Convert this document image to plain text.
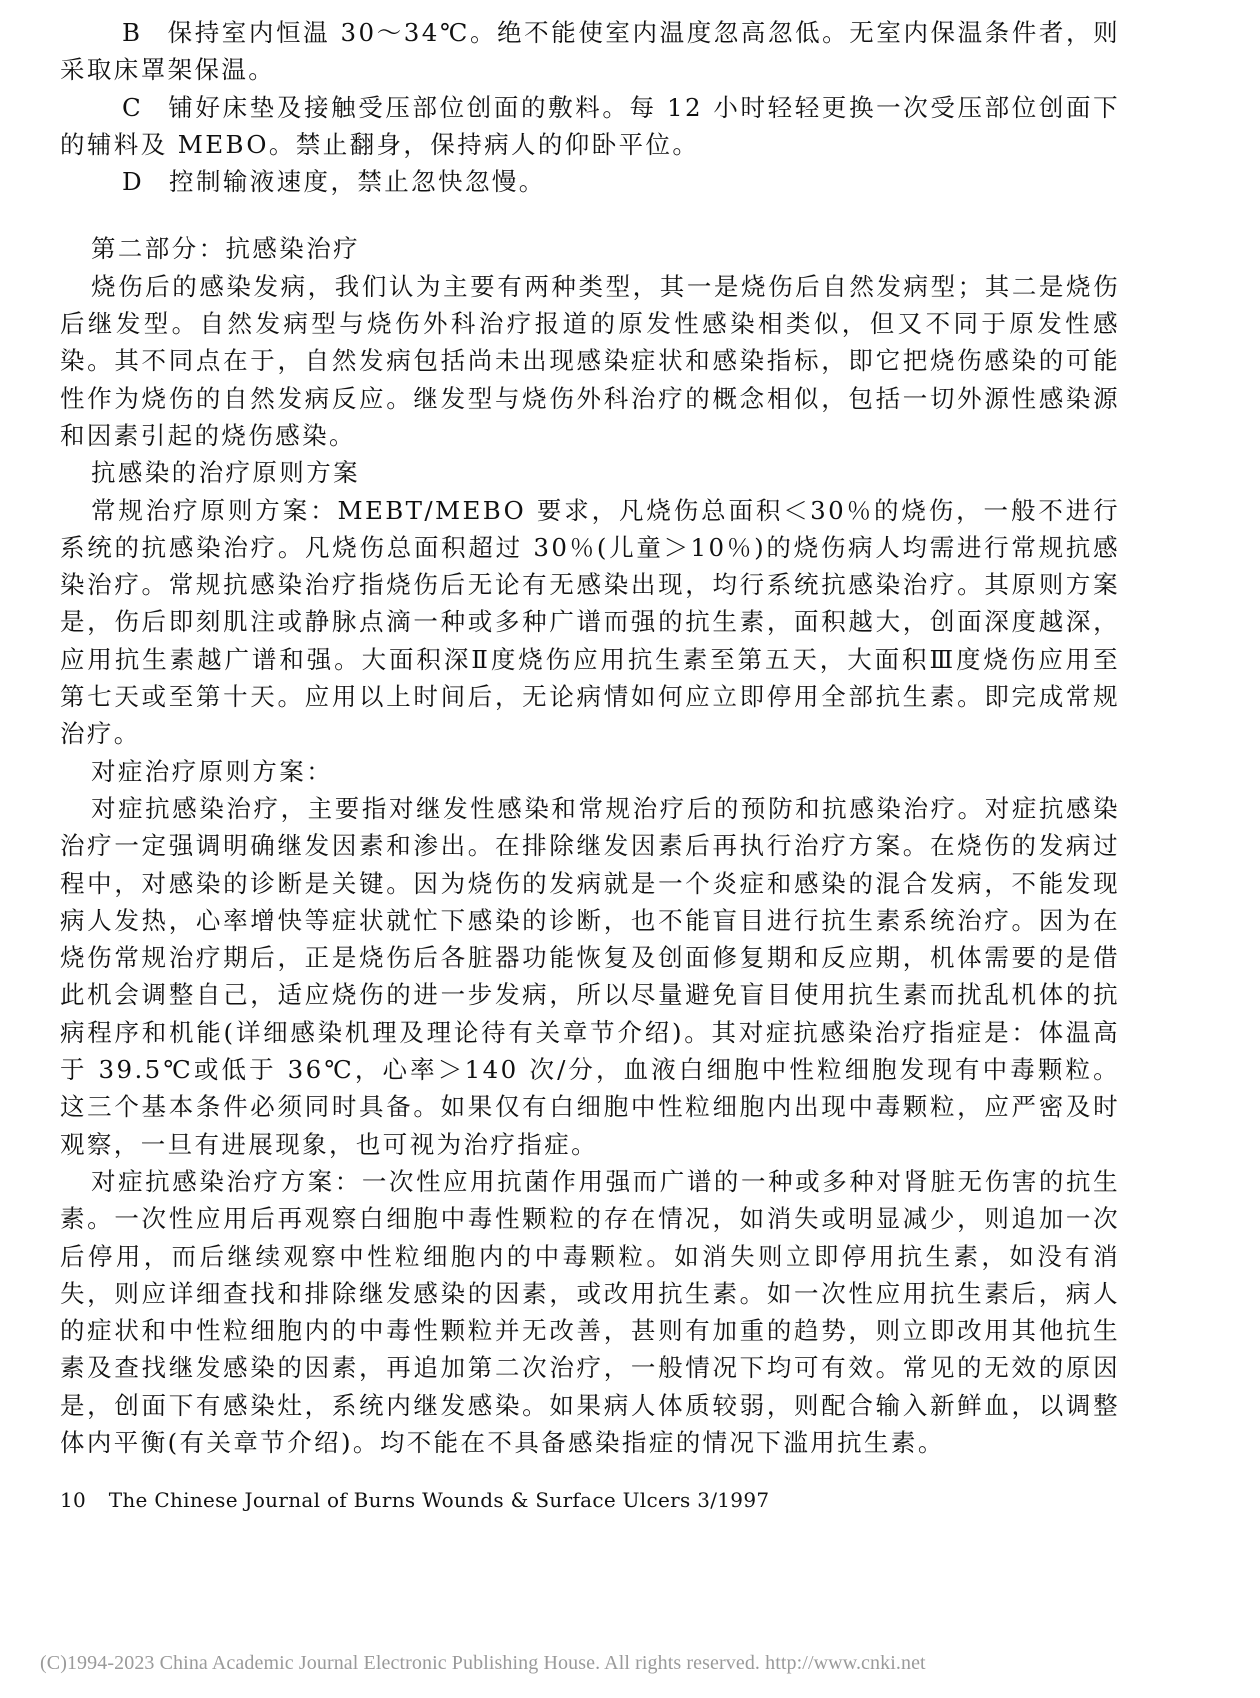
B 保持室内恒温 30～34℃。绝不能使室内温度忽高忽低。无室内保温条件者，则采取床罩架保温。

C 铺好床垫及接触受压部位创面的敷料。每 12 小时轻轻更换一次受压部位创面下的辅料及 MEBO。禁止翻身，保持病人的仰卧平位。

D 控制输液速度，禁止忽快忽慢。

第二部分：抗感染治疗

烧伤后的感染发病，我们认为主要有两种类型，其一是烧伤后自然发病型；其二是烧伤后继发型。自然发病型与烧伤外科治疗报道的原发性感染相类似，但又不同于原发性感染。其不同点在于，自然发病包括尚未出现感染症状和感染指标，即它把烧伤感染的可能性作为烧伤的自然发病反应。继发型与烧伤外科治疗的概念相似，包括一切外源性感染源和因素引起的烧伤感染。

抗感染的治疗原则方案

常规治疗原则方案：MEBT/MEBO 要求，凡烧伤总面积＜30％的烧伤，一般不进行系统的抗感染治疗。凡烧伤总面积超过 30％(儿童＞10％)的烧伤病人均需进行常规抗感染治疗。常规抗感染治疗指烧伤后无论有无感染出现，均行系统抗感染治疗。其原则方案是，伤后即刻肌注或静脉点滴一种或多种广谱而强的抗生素，面积越大，创面深度越深，应用抗生素越广谱和强。大面积深Ⅱ度烧伤应用抗生素至第五天，大面积Ⅲ度烧伤应用至第七天或至第十天。应用以上时间后，无论病情如何应立即停用全部抗生素。即完成常规治疗。

对症治疗原则方案：

对症抗感染治疗，主要指对继发性感染和常规治疗后的预防和抗感染治疗。对症抗感染治疗一定强调明确继发因素和渗出。在排除继发因素后再执行治疗方案。在烧伤的发病过程中，对感染的诊断是关键。因为烧伤的发病就是一个炎症和感染的混合发病，不能发现病人发热，心率增快等症状就忙下感染的诊断，也不能盲目进行抗生素系统治疗。因为在烧伤常规治疗期后，正是烧伤后各脏器功能恢复及创面修复期和反应期，机体需要的是借此机会调整自己，适应烧伤的进一步发病，所以尽量避免盲目使用抗生素而扰乱机体的抗病程序和机能(详细感染机理及理论待有关章节介绍)。其对症抗感染治疗指症是：体温高于 39.5℃或低于 36℃，心率＞140 次/分，血液白细胞中性粒细胞发现有中毒颗粒。这三个基本条件必须同时具备。如果仅有白细胞中性粒细胞内出现中毒颗粒，应严密及时观察，一旦有进展现象，也可视为治疗指症。

对症抗感染治疗方案：一次性应用抗菌作用强而广谱的一种或多种对肾脏无伤害的抗生素。一次性应用后再观察白细胞中毒性颗粒的存在情况，如消失或明显减少，则追加一次后停用，而后继续观察中性粒细胞内的中毒颗粒。如消失则立即停用抗生素，如没有消失，则应详细查找和排除继发感染的因素，或改用抗生素。如一次性应用抗生素后，病人的症状和中性粒细胞内的中毒性颗粒并无改善，甚则有加重的趋势，则立即改用其他抗生素及查找继发感染的因素，再追加第二次治疗，一般情况下均可有效。常见的无效的原因是，创面下有感染灶，系统内继发感染。如果病人体质较弱，则配合输入新鲜血，以调整体内平衡(有关章节介绍)。均不能在不具备感染指症的情况下滥用抗生素。

10 The Chinese Journal of Burns Wounds & Surface Ulcers 3/1997
(C)1994-2023 China Academic Journal Electronic Publishing House. All rights reserved. http://www.cnki.net
